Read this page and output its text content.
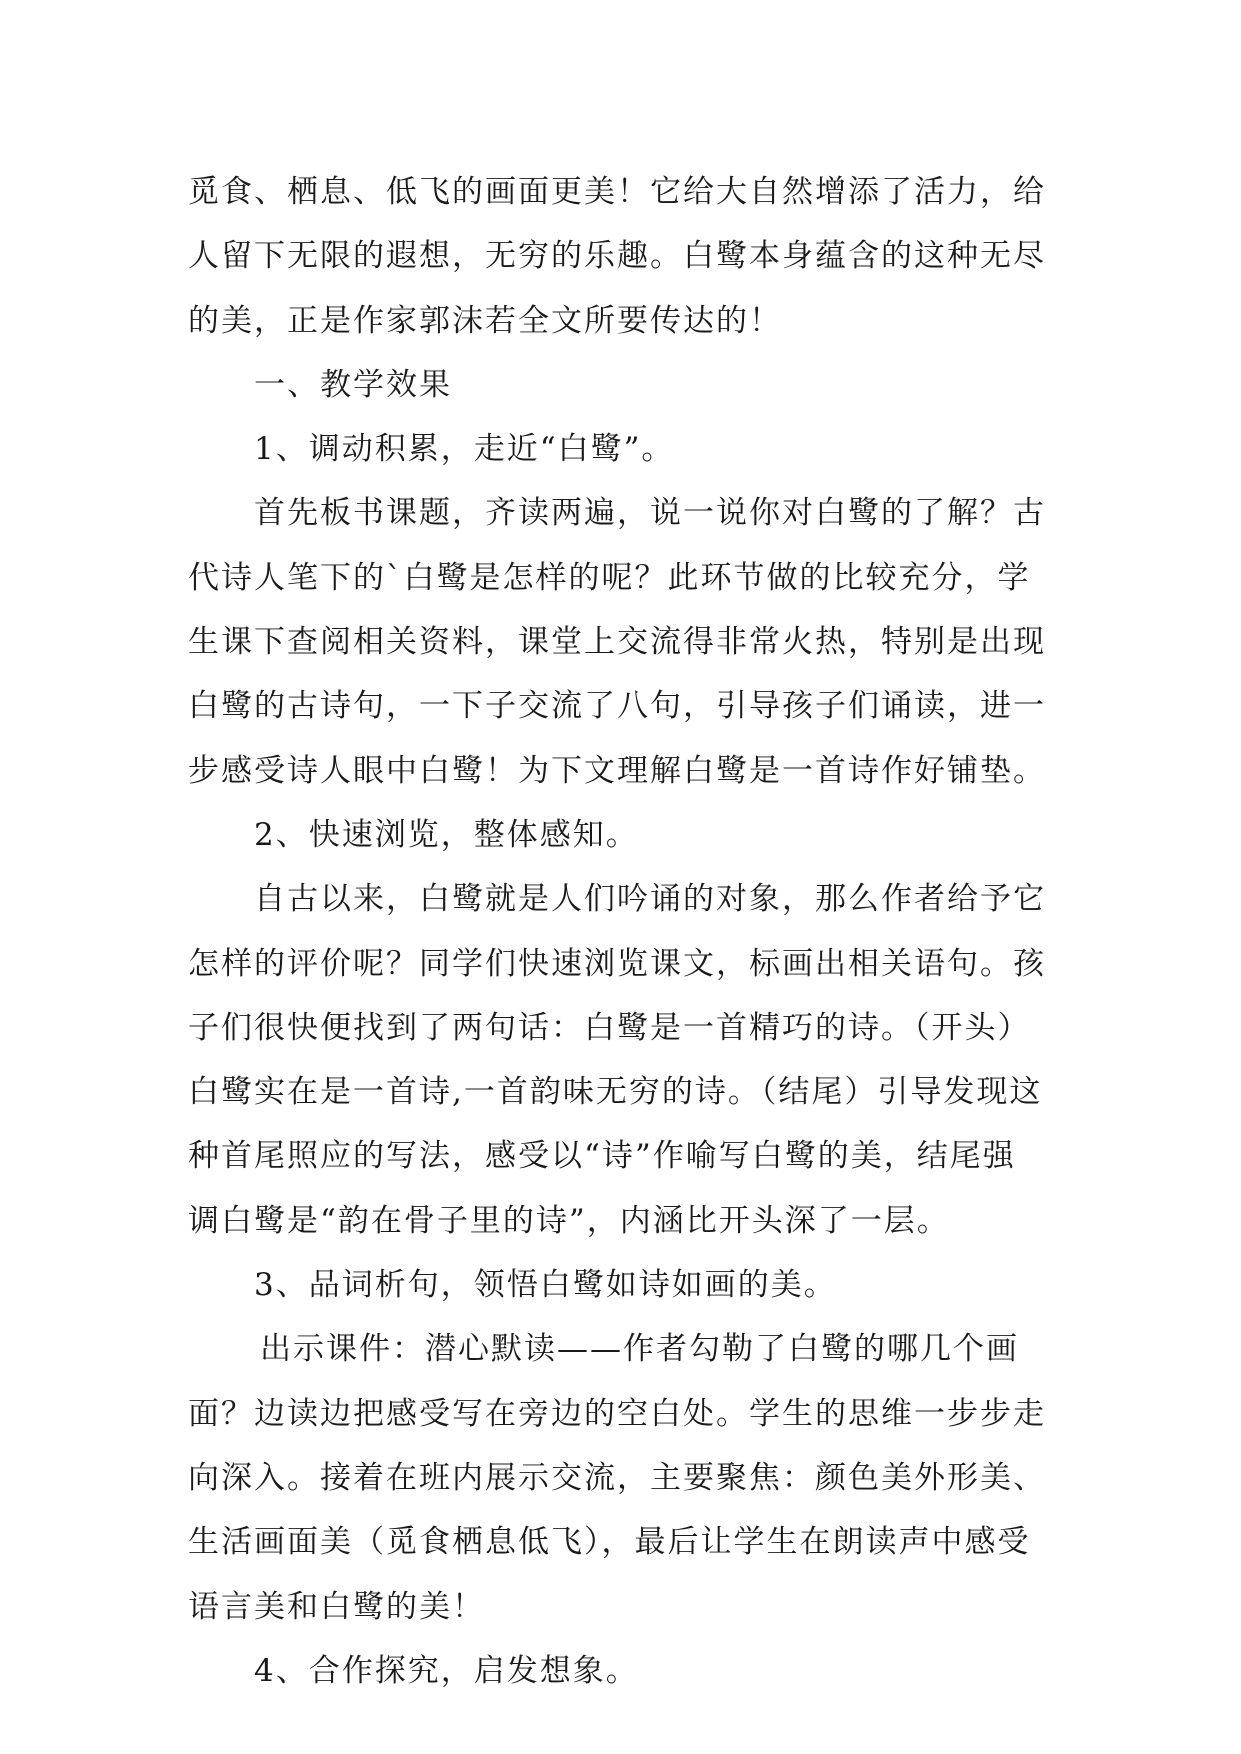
觅食、栖息、低飞的画面更美！它给大自然增添了活力，给
人留下无限的遐想，无穷的乐趣。白鹭本身蕴含的这种无尽
的美，正是作家郭沫若全文所要传达的！
一、教学效果
1、调动积累，走近“白鹭”。
首先板书课题，齐读两遍，说一说你对白鹭的了解？古
代诗人笔下的`白鹭是怎样的呢？此环节做的比较充分，学
生课下查阅相关资料，课堂上交流得非常火热，特别是出现
白鹭的古诗句，一下子交流了八句，引导孩子们诵读，进一
步感受诗人眼中白鹭！为下文理解白鹭是一首诗作好铺垫。
2、快速浏览，整体感知。
自古以来，白鹭就是人们吟诵的对象，那么作者给予它
怎样的评价呢？同学们快速浏览课文，标画出相关语句。孩
子们很快便找到了两句话：白鹭是一首精巧的诗。（开头）
白鹭实在是一首诗,一首韵味无穷的诗。（结尾）引导发现这
种首尾照应的写法，感受以“诗”作喻写白鹭的美，结尾强
调白鹭是“韵在骨子里的诗”，内涵比开头深了一层。
3、品词析句，领悟白鹭如诗如画的美。
出示课件：潜心默读——作者勾勒了白鹭的哪几个画
面？边读边把感受写在旁边的空白处。学生的思维一步步走
向深入。接着在班内展示交流，主要聚焦：颜色美外形美、
生活画面美（觅食栖息低飞），最后让学生在朗读声中感受
语言美和白鹭的美！
4、合作探究，启发想象。
